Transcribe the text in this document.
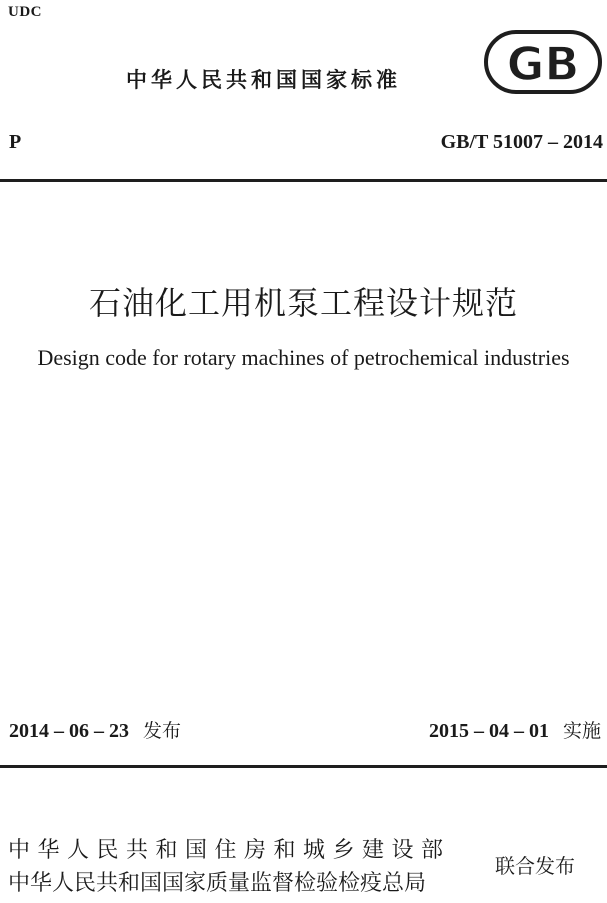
UDC
中华人民共和国国家标准 GB
P	GB/T 51007 – 2014
石油化工用机泵工程设计规范
Design code for rotary machines of petrochemical industries
2014 – 06 – 23 发布	2015 – 04 – 01 实施
中华人民共和国住房和城乡建设部
中华人民共和国国家质量监督检验检疫总局
联合发布
